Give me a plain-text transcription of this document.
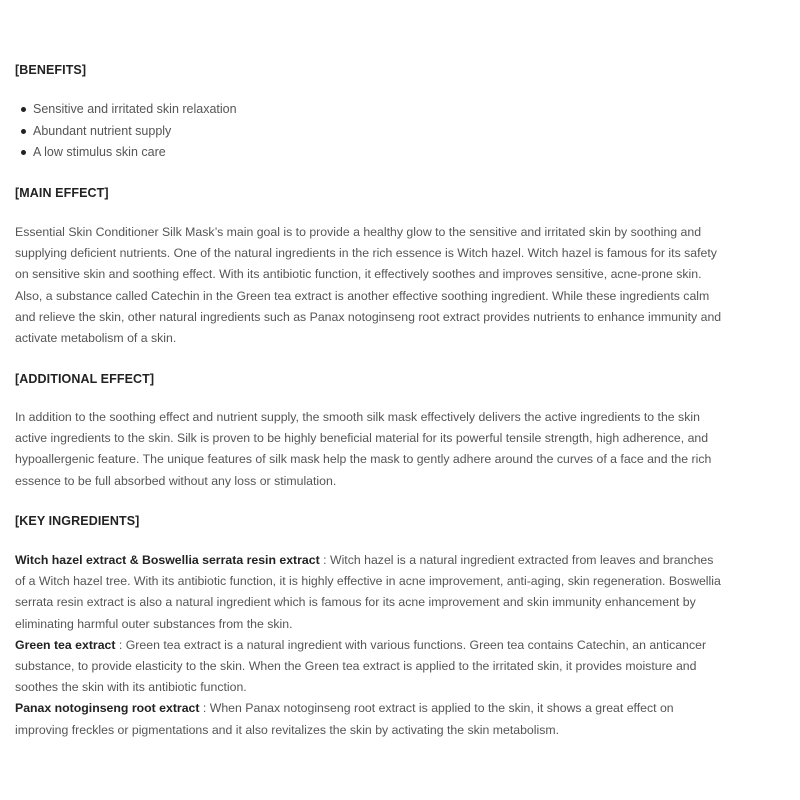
[BENEFITS]
Sensitive and irritated skin relaxation
Abundant nutrient supply
A low stimulus skin care
[MAIN EFFECT]

Essential Skin Conditioner Silk Mask’s main goal is to provide a healthy glow to the sensitive and irritated skin by soothing and supplying deficient nutrients. One of the natural ingredients in the rich essence is Witch hazel. Witch hazel is famous for its safety on sensitive skin and soothing effect. With its antibiotic function, it effectively soothes and improves sensitive, acne-prone skin. Also, a substance called Catechin in the Green tea extract is another effective soothing ingredient. While these ingredients calm and relieve the skin, other natural ingredients such as Panax notoginseng root extract provides nutrients to enhance immunity and activate metabolism of a skin.

[ADDITIONAL EFFECT]

In addition to the soothing effect and nutrient supply, the smooth silk mask effectively delivers the active ingredients to the skin active ingredients to the skin. Silk is proven to be highly beneficial material for its powerful tensile strength, high adherence, and hypoallergenic feature. The unique features of silk mask help the mask to gently adhere around the curves of a face and the rich essence to be full absorbed without any loss or stimulation.

[KEY INGREDIENTS]

Witch hazel extract & Boswellia serrata resin extract : Witch hazel is a natural ingredient extracted from leaves and branches of a Witch hazel tree. With its antibiotic function, it is highly effective in acne improvement, anti-aging, skin regeneration. Boswellia serrata resin extract is also a natural ingredient which is famous for its acne improvement and skin immunity enhancement by eliminating harmful outer substances from the skin.

Green tea extract : Green tea extract is a natural ingredient with various functions. Green tea contains Catechin, an anticancer substance, to provide elasticity to the skin. When the Green tea extract is applied to the irritated skin, it provides moisture and soothes the skin with its antibiotic function.

Panax notoginseng root extract : When Panax notoginseng root extract is applied to the skin, it shows a great effect on improving freckles or pigmentations and it also revitalizes the skin by activating the skin metabolism.
